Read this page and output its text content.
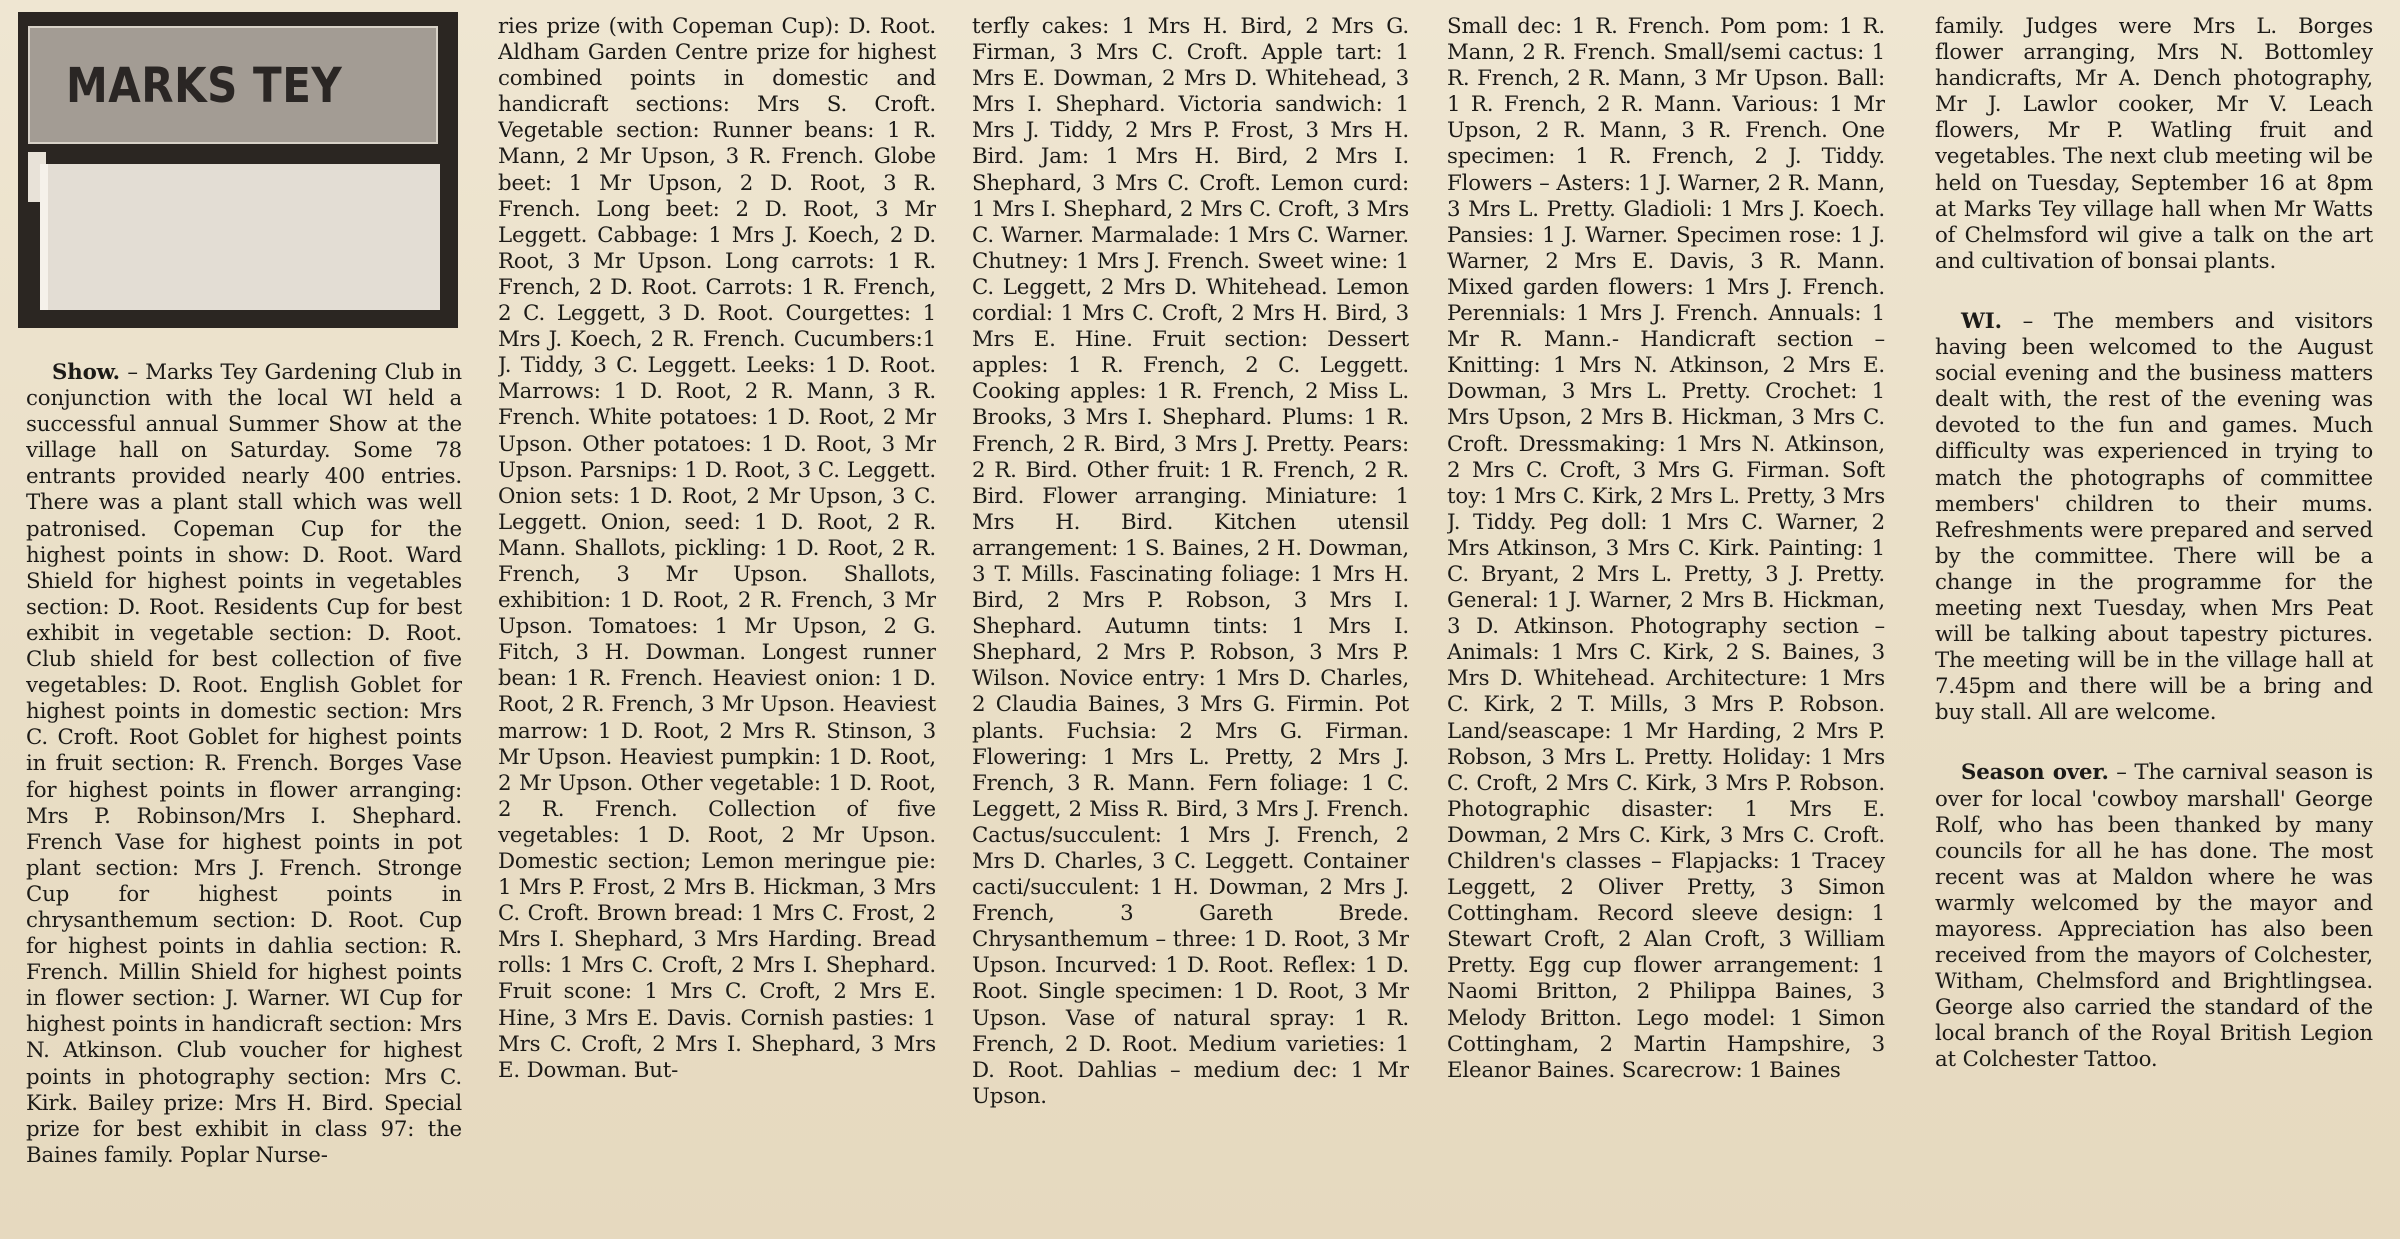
MARKS TEY

Show. – Marks Tey Gardening Club in conjunction with the local WI held a successful annual Summer Show at the village hall on Saturday. Some 78 entrants provided nearly 400 entries. There was a plant stall which was well patronised. Copeman Cup for the highest points in show: D. Root. Ward Shield for highest points in vegetables section: D. Root. Residents Cup for best exhibit in vegetable section: D. Root. Club shield for best collection of five vegetables: D. Root. English Goblet for highest points in domestic section: Mrs C. Croft. Root Goblet for highest points in fruit section: R. French. Borges Vase for highest points in flower arranging: Mrs P. Robinson/Mrs I. Shephard. French Vase for highest points in pot plant section: Mrs J. French. Stronge Cup for highest points in chrysanthemum section: D. Root. Cup for highest points in dahlia section: R. French. Millin Shield for highest points in flower section: J. Warner. WI Cup for highest points in handicraft section: Mrs N. Atkinson. Club voucher for highest points in photography section: Mrs C. Kirk. Bailey prize: Mrs H. Bird. Special prize for best exhibit in class 97: the Baines family. Poplar Nurse-

ries prize (with Copeman Cup): D. Root. Aldham Garden Centre prize for highest combined points in domestic and handicraft sections: Mrs S. Croft. Vegetable section: Runner beans: 1 R. Mann, 2 Mr Upson, 3 R. French. Globe beet: 1 Mr Upson, 2 D. Root, 3 R. French. Long beet: 2 D. Root, 3 Mr Leggett. Cabbage: 1 Mrs J. Koech, 2 D. Root, 3 Mr Upson. Long carrots: 1 R. French, 2 D. Root. Carrots: 1 R. French, 2 C. Leggett, 3 D. Root. Courgettes: 1 Mrs J. Koech, 2 R. French. Cucumbers:1 J. Tiddy, 3 C. Leggett. Leeks: 1 D. Root. Marrows: 1 D. Root, 2 R. Mann, 3 R. French. White potatoes: 1 D. Root, 2 Mr Upson. Other potatoes: 1 D. Root, 3 Mr Upson. Parsnips: 1 D. Root, 3 C. Leggett. Onion sets: 1 D. Root, 2 Mr Upson, 3 C. Leggett. Onion, seed: 1 D. Root, 2 R. Mann. Shallots, pickling: 1 D. Root, 2 R. French, 3 Mr Upson. Shallots, exhibition: 1 D. Root, 2 R. French, 3 Mr Upson. Tomatoes: 1 Mr Upson, 2 G. Fitch, 3 H. Dowman. Longest runner bean: 1 R. French. Heaviest onion: 1 D. Root, 2 R. French, 3 Mr Upson. Heaviest marrow: 1 D. Root, 2 Mrs R. Stinson, 3 Mr Upson. Heaviest pumpkin: 1 D. Root, 2 Mr Upson. Other vegetable: 1 D. Root, 2 R. French. Collection of five vegetables: 1 D. Root, 2 Mr Upson. Domestic section; Lemon meringue pie: 1 Mrs P. Frost, 2 Mrs B. Hickman, 3 Mrs C. Croft. Brown bread: 1 Mrs C. Frost, 2 Mrs I. Shephard, 3 Mrs Harding. Bread rolls: 1 Mrs C. Croft, 2 Mrs I. Shephard. Fruit scone: 1 Mrs C. Croft, 2 Mrs E. Hine, 3 Mrs E. Davis. Cornish pasties: 1 Mrs C. Croft, 2 Mrs I. Shephard, 3 Mrs E. Dowman. But-

terfly cakes: 1 Mrs H. Bird, 2 Mrs G. Firman, 3 Mrs C. Croft. Apple tart: 1 Mrs E. Dowman, 2 Mrs D. Whitehead, 3 Mrs I. Shephard. Victoria sandwich: 1 Mrs J. Tiddy, 2 Mrs P. Frost, 3 Mrs H. Bird. Jam: 1 Mrs H. Bird, 2 Mrs I. Shephard, 3 Mrs C. Croft. Lemon curd: 1 Mrs I. Shephard, 2 Mrs C. Croft, 3 Mrs C. Warner. Marmalade: 1 Mrs C. Warner. Chutney: 1 Mrs J. French. Sweet wine: 1 C. Leggett, 2 Mrs D. Whitehead. Lemon cordial: 1 Mrs C. Croft, 2 Mrs H. Bird, 3 Mrs E. Hine. Fruit section: Dessert apples: 1 R. French, 2 C. Leggett. Cooking apples: 1 R. French, 2 Miss L. Brooks, 3 Mrs I. Shephard. Plums: 1 R. French, 2 R. Bird, 3 Mrs J. Pretty. Pears: 2 R. Bird. Other fruit: 1 R. French, 2 R. Bird. Flower arranging. Miniature: 1 Mrs H. Bird. Kitchen utensil arrangement: 1 S. Baines, 2 H. Dowman, 3 T. Mills. Fascinating foliage: 1 Mrs H. Bird, 2 Mrs P. Robson, 3 Mrs I. Shephard. Autumn tints: 1 Mrs I. Shephard, 2 Mrs P. Robson, 3 Mrs P. Wilson. Novice entry: 1 Mrs D. Charles, 2 Claudia Baines, 3 Mrs G. Firmin. Pot plants. Fuchsia: 2 Mrs G. Firman. Flowering: 1 Mrs L. Pretty, 2 Mrs J. French, 3 R. Mann. Fern foliage: 1 C. Leggett, 2 Miss R. Bird, 3 Mrs J. French. Cactus/succulent: 1 Mrs J. French, 2 Mrs D. Charles, 3 C. Leggett. Container cacti/succulent: 1 H. Dowman, 2 Mrs J. French, 3 Gareth Brede. Chrysanthemum – three: 1 D. Root, 3 Mr Upson. Incurved: 1 D. Root. Reflex: 1 D. Root. Single specimen: 1 D. Root, 3 Mr Upson. Vase of natural spray: 1 R. French, 2 D. Root. Medium varieties: 1 D. Root. Dahlias – medium dec: 1 Mr Upson.

Small dec: 1 R. French. Pom pom: 1 R. Mann, 2 R. French. Small/semi cactus: 1 R. French, 2 R. Mann, 3 Mr Upson. Ball: 1 R. French, 2 R. Mann. Various: 1 Mr Upson, 2 R. Mann, 3 R. French. One specimen: 1 R. French, 2 J. Tiddy. Flowers – Asters: 1 J. Warner, 2 R. Mann, 3 Mrs L. Pretty. Gladioli: 1 Mrs J. Koech. Pansies: 1 J. Warner. Specimen rose: 1 J. Warner, 2 Mrs E. Davis, 3 R. Mann. Mixed garden flowers: 1 Mrs J. French. Perennials: 1 Mrs J. French. Annuals: 1 Mr R. Mann.- Handicraft section – Knitting: 1 Mrs N. Atkinson, 2 Mrs E. Dowman, 3 Mrs L. Pretty. Crochet: 1 Mrs Upson, 2 Mrs B. Hickman, 3 Mrs C. Croft. Dressmaking: 1 Mrs N. Atkinson, 2 Mrs C. Croft, 3 Mrs G. Firman. Soft toy: 1 Mrs C. Kirk, 2 Mrs L. Pretty, 3 Mrs J. Tiddy. Peg doll: 1 Mrs C. Warner, 2 Mrs Atkinson, 3 Mrs C. Kirk. Painting: 1 C. Bryant, 2 Mrs L. Pretty, 3 J. Pretty. General: 1 J. Warner, 2 Mrs B. Hickman, 3 D. Atkinson. Photography section – Animals: 1 Mrs C. Kirk, 2 S. Baines, 3 Mrs D. Whitehead. Architecture: 1 Mrs C. Kirk, 2 T. Mills, 3 Mrs P. Robson. Land/seascape: 1 Mr Harding, 2 Mrs P. Robson, 3 Mrs L. Pretty. Holiday: 1 Mrs C. Croft, 2 Mrs C. Kirk, 3 Mrs P. Robson. Photographic disaster: 1 Mrs E. Dowman, 2 Mrs C. Kirk, 3 Mrs C. Croft. Children's classes – Flapjacks: 1 Tracey Leggett, 2 Oliver Pretty, 3 Simon Cottingham. Record sleeve design: 1 Stewart Croft, 2 Alan Croft, 3 William Pretty. Egg cup flower arrangement: 1 Naomi Britton, 2 Philippa Baines, 3 Melody Britton. Lego model: 1 Simon Cottingham, 2 Martin Hampshire, 3 Eleanor Baines. Scarecrow: 1 Baines

family. Judges were Mrs L. Borges flower arranging, Mrs N. Bottomley handicrafts, Mr A. Dench photography, Mr J. Lawlor cooker, Mr V. Leach flowers, Mr P. Watling fruit and vegetables. The next club meeting wil be held on Tuesday, September 16 at 8pm at Marks Tey village hall when Mr Watts of Chelmsford wil give a talk on the art and cultivation of bonsai plants.

WI. – The members and visitors having been welcomed to the August social evening and the business matters dealt with, the rest of the evening was devoted to the fun and games. Much difficulty was experienced in trying to match the photographs of committee members' children to their mums. Refreshments were prepared and served by the committee. There will be a change in the programme for the meeting next Tuesday, when Mrs Peat will be talking about tapestry pictures. The meeting will be in the village hall at 7.45pm and there will be a bring and buy stall. All are welcome.

Season over. – The carnival season is over for local 'cowboy marshall' George Rolf, who has been thanked by many councils for all he has done. The most recent was at Maldon where he was warmly welcomed by the mayor and mayoress. Appreciation has also been received from the mayors of Colchester, Witham, Chelmsford and Brightlingsea. George also carried the standard of the local branch of the Royal British Legion at Colchester Tattoo.
